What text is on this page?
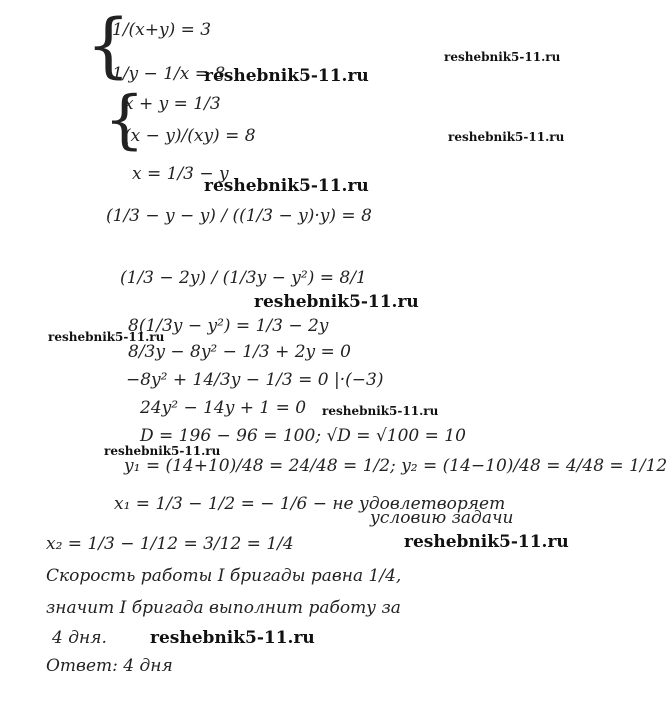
{
{
1/(x+y) = 3
1/y − 1/x = 8
x + y = 1/3
(x − y)/(xy) = 8
x = 1/3 − y
(1/3 − y − y) / ((1/3 − y)·y) = 8
(1/3 − 2y) / (1/3y − y²) = 8/1
8(1/3y − y²) = 1/3 − 2y
8/3y − 8y² − 1/3 + 2y = 0
−8y² + 14/3y − 1/3 = 0 |·(−3)
24y² − 14y + 1 = 0
D = 196 − 96 = 100; √D = √100 = 10
y₁ = (14+10)/48 = 24/48 = 1/2; y₂ = (14−10)/48 = 4/48 = 1/12
x₁ = 1/3 − 1/2 = − 1/6 − не удовлетворяет
условию задачи
x₂ = 1/3 − 1/12 = 3/12 = 1/4
Скорость работы I бригады равна 1/4,
значит I бригада выполнит работу за
4 дня.
Ответ: 4 дня
reshebnik5-11.ru
reshebnik5-11.ru
reshebnik5-11.ru
reshebnik5-11.ru
reshebnik5-11.ru
reshebnik5-11.ru
reshebnik5-11.ru
reshebnik5-11.ru
reshebnik5-11.ru
reshebnik5-11.ru
